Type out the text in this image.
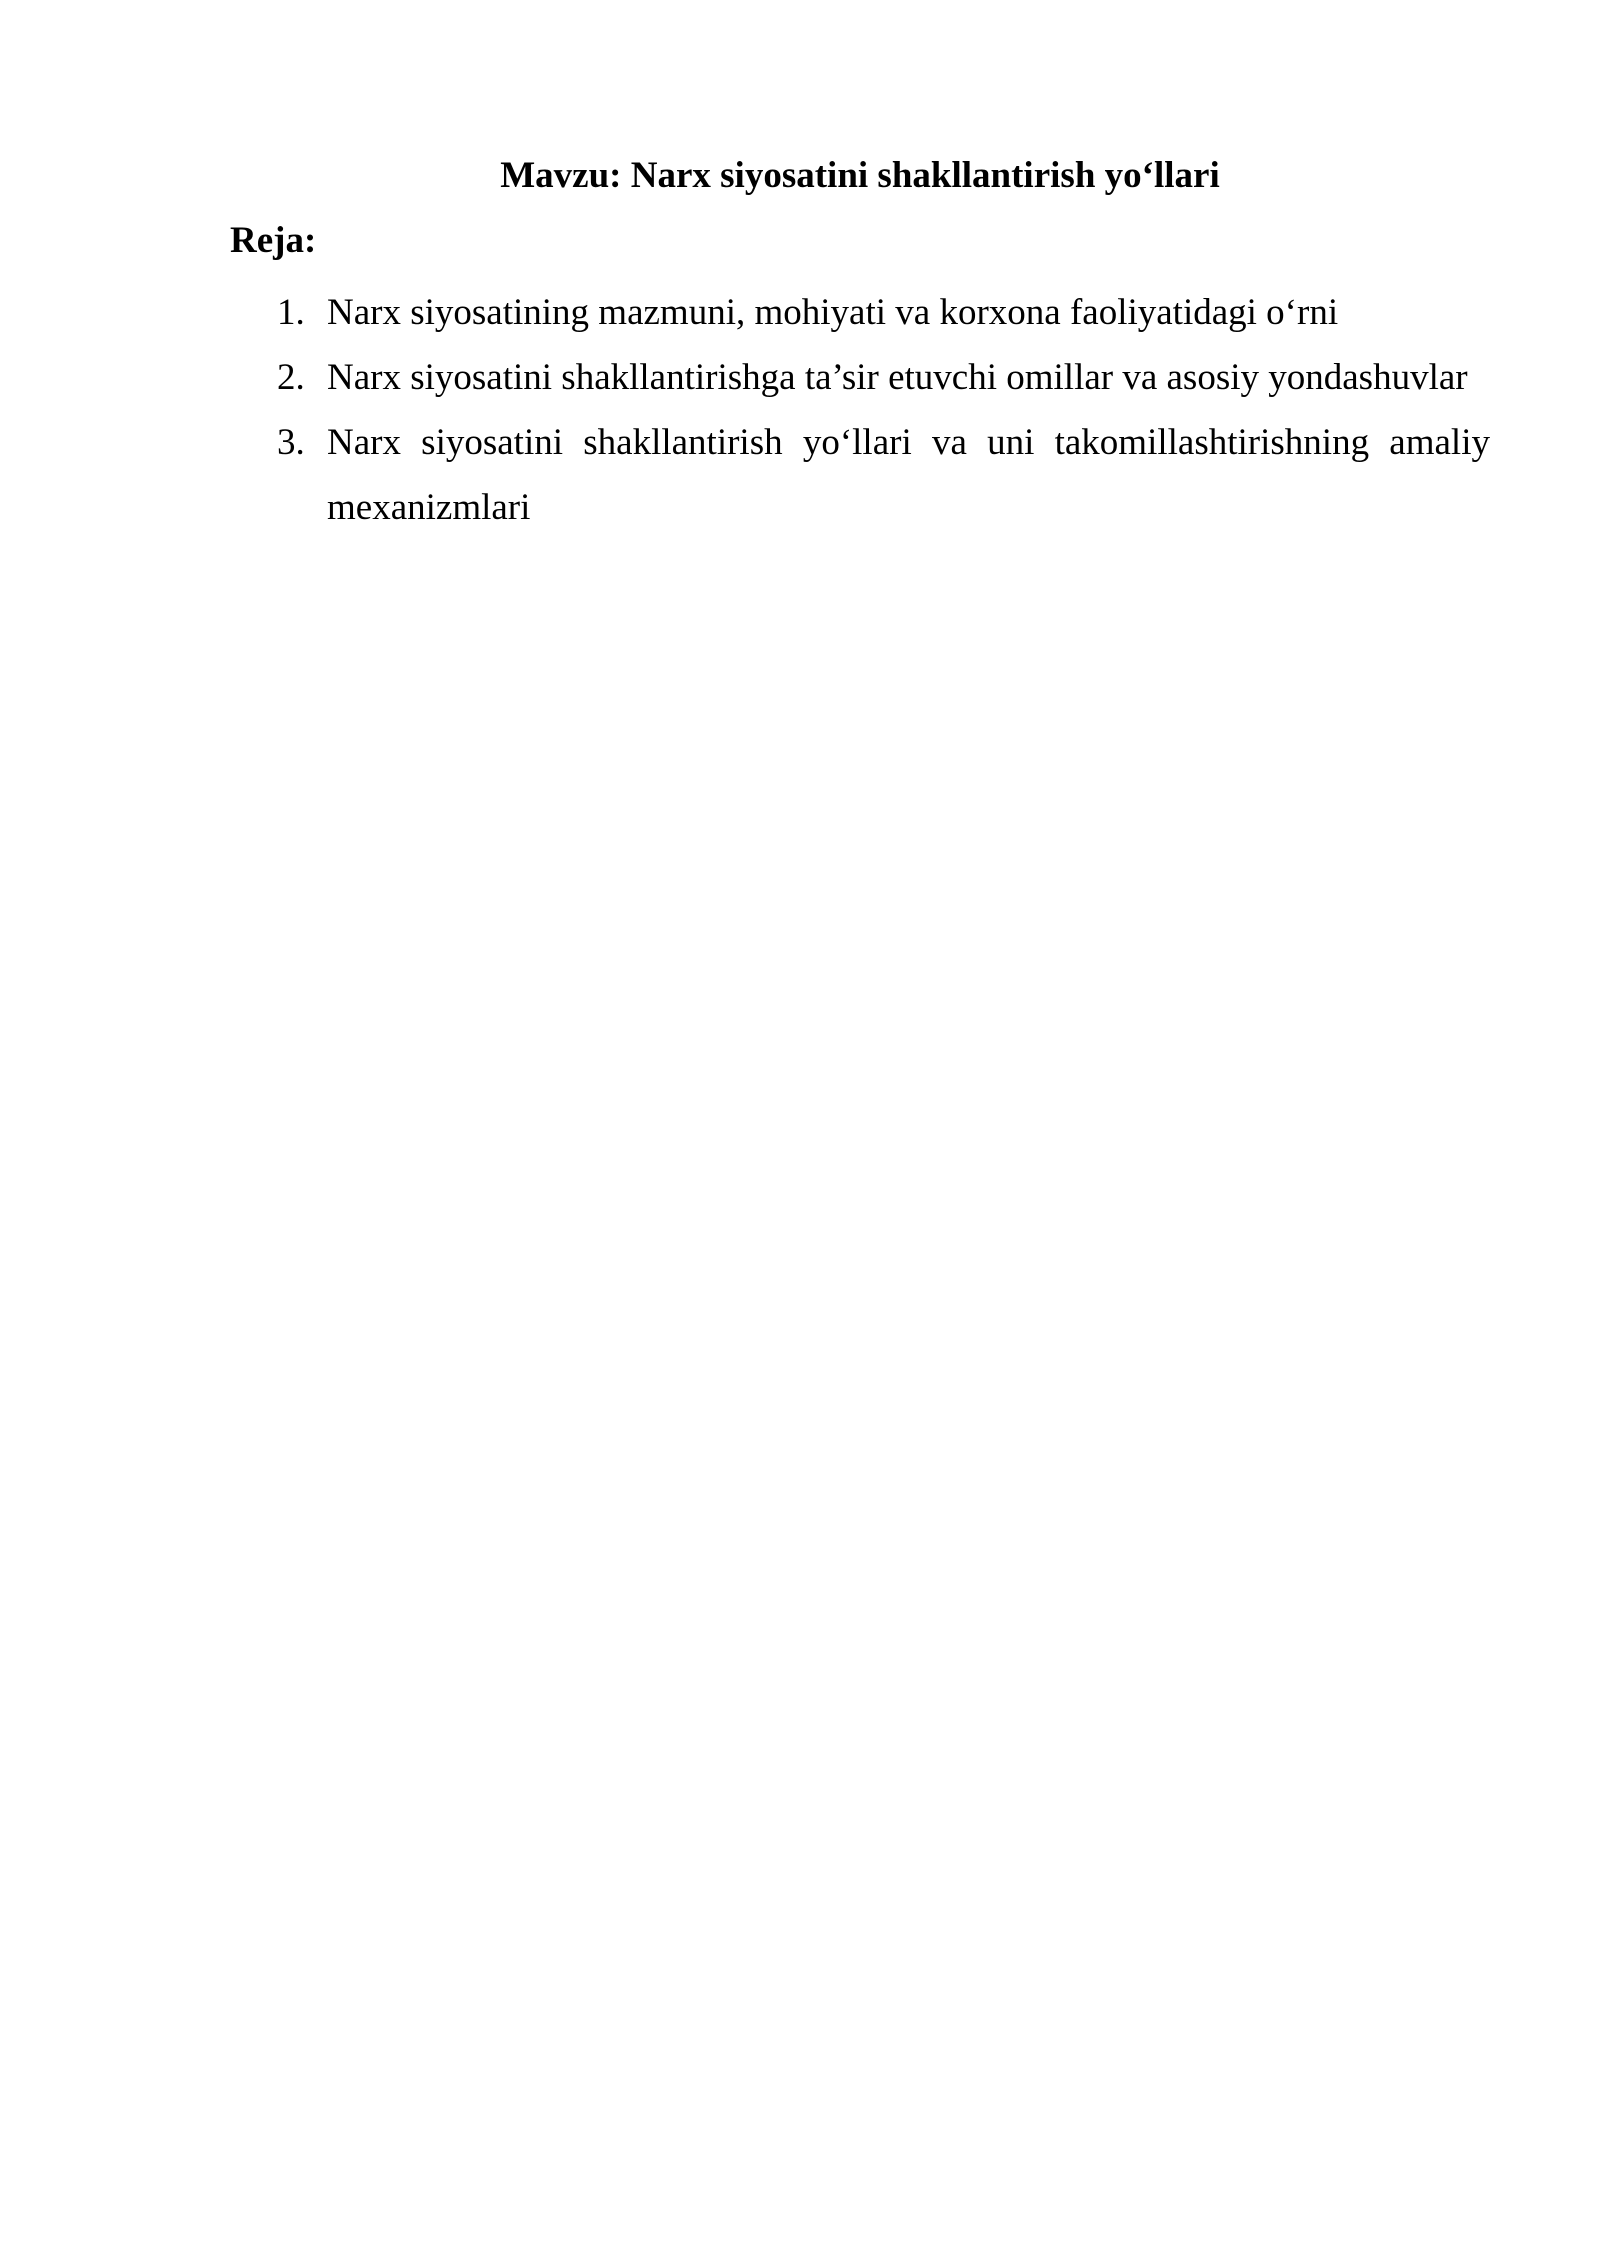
Mavzu: Narx siyosatini shakllantirish yo‘llari
Reja:
1. Narx siyosatining mazmuni, mohiyati va korxona faoliyatidagi o‘rni
2. Narx siyosatini shakllantirishga ta’sir etuvchi omillar va asosiy yondashuvlar
3. Narx siyosatini shakllantirish yo‘llari va uni takomillashtirishning amaliy mexanizmlari
